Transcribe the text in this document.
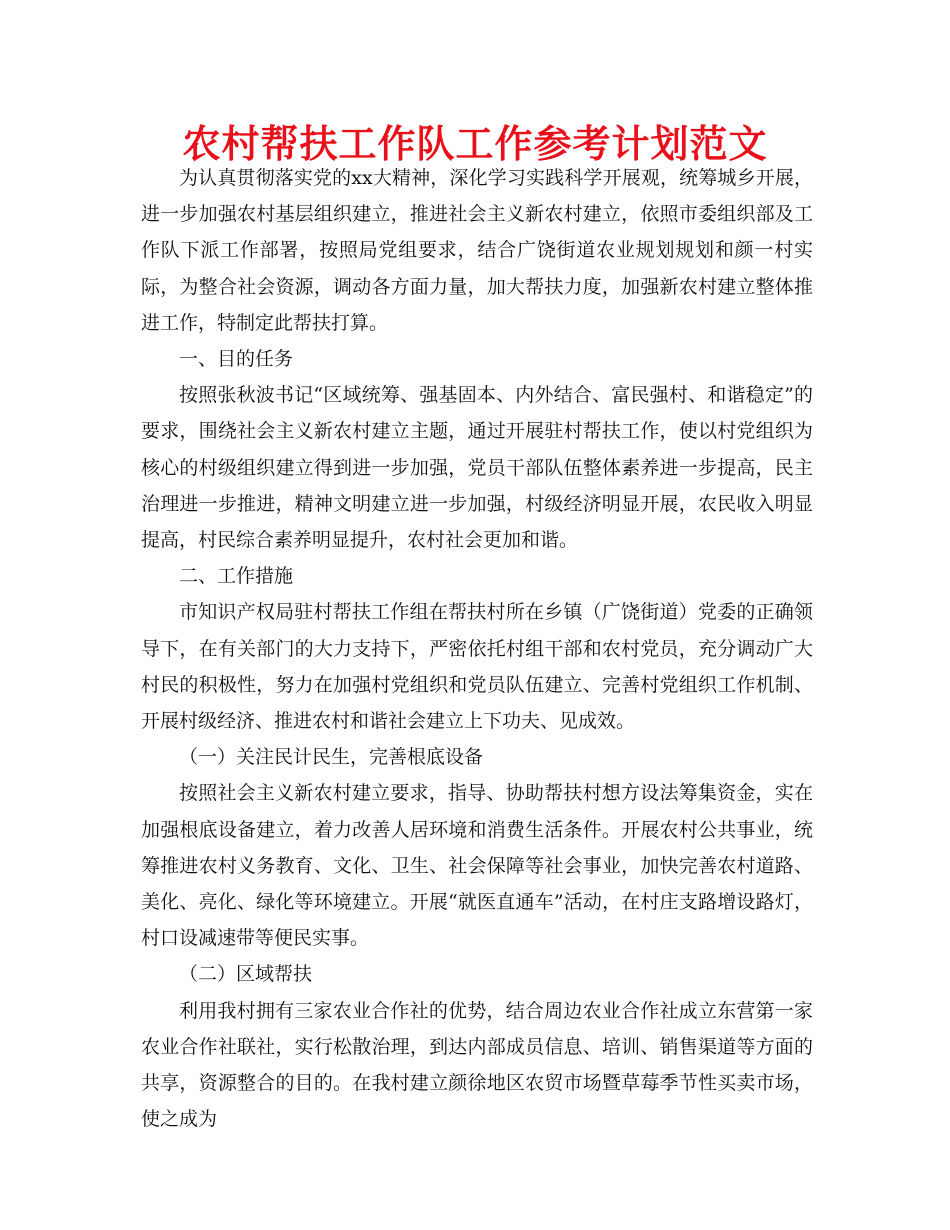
农村帮扶工作队工作参考计划范文

为认真贯彻落实党的xx大精神，深化学习实践科学开展观，统筹城乡开展，进一步加强农村基层组织建立，推进社会主义新农村建立，依照市委组织部及工作队下派工作部署，按照局党组要求，结合广饶街道农业规划规划和颜一村实际，为整合社会资源，调动各方面力量，加大帮扶力度，加强新农村建立整体推进工作，特制定此帮扶打算。

一、目的任务

按照张秋波书记“区域统筹、强基固本、内外结合、富民强村、和谐稳定”的要求，围绕社会主义新农村建立主题，通过开展驻村帮扶工作，使以村党组织为核心的村级组织建立得到进一步加强，党员干部队伍整体素养进一步提高，民主治理进一步推进，精神文明建立进一步加强，村级经济明显开展，农民收入明显提高，村民综合素养明显提升，农村社会更加和谐。

二、工作措施

市知识产权局驻村帮扶工作组在帮扶村所在乡镇（广饶街道）党委的正确领导下，在有关部门的大力支持下，严密依托村组干部和农村党员，充分调动广大村民的积极性，努力在加强村党组织和党员队伍建立、完善村党组织工作机制、开展村级经济、推进农村和谐社会建立上下功夫、见成效。

（一）关注民计民生，完善根底设备

按照社会主义新农村建立要求，指导、协助帮扶村想方设法筹集资金，实在加强根底设备建立，着力改善人居环境和消费生活条件。开展农村公共事业，统筹推进农村义务教育、文化、卫生、社会保障等社会事业，加快完善农村道路、美化、亮化、绿化等环境建立。开展“就医直通车”活动，在村庄支路增设路灯，村口设减速带等便民实事。

（二）区域帮扶

利用我村拥有三家农业合作社的优势，结合周边农业合作社成立东营第一家农业合作社联社，实行松散治理，到达内部成员信息、培训、销售渠道等方面的共享，资源整合的目的。在我村建立颜徐地区农贸市场暨草莓季节性买卖市场，使之成为
